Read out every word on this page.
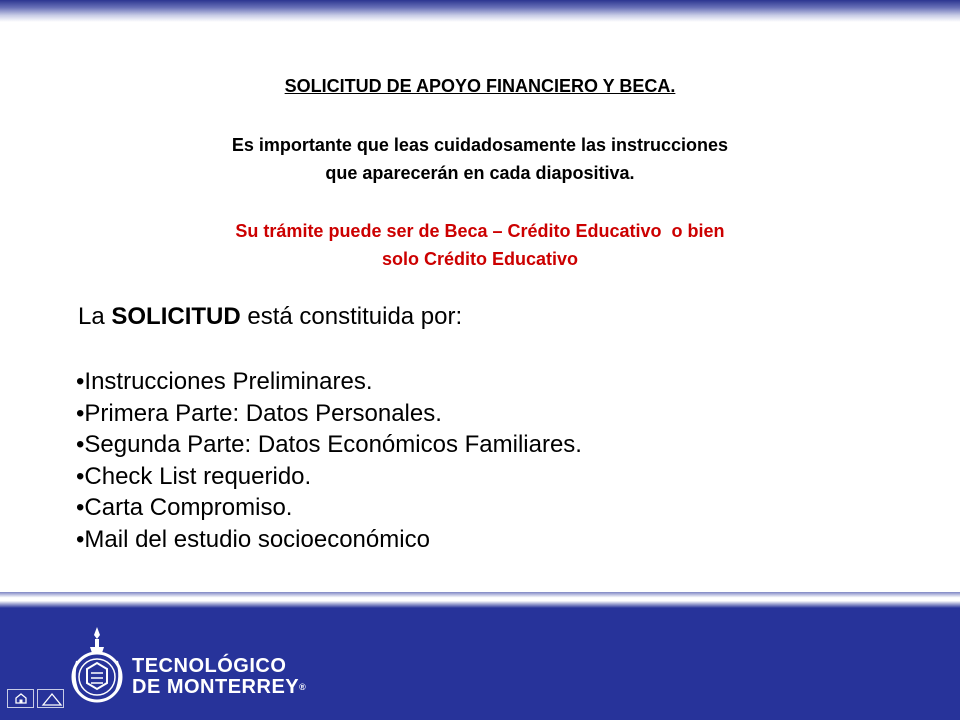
SOLICITUD DE APOYO FINANCIERO Y BECA.
Es importante que leas cuidadosamente las instrucciones
que aparecerán en cada diapositiva.
Su trámite puede ser de Beca – Crédito Educativo  o bien
solo Crédito Educativo
La SOLICITUD está constituida por:
•Instrucciones Preliminares.
•Primera Parte: Datos Personales.
•Segunda Parte: Datos Económicos Familiares.
•Check List requerido.
•Carta Compromiso.
•Mail del estudio socioeconómico
TECNOLÓGICO
DE MONTERREY®
